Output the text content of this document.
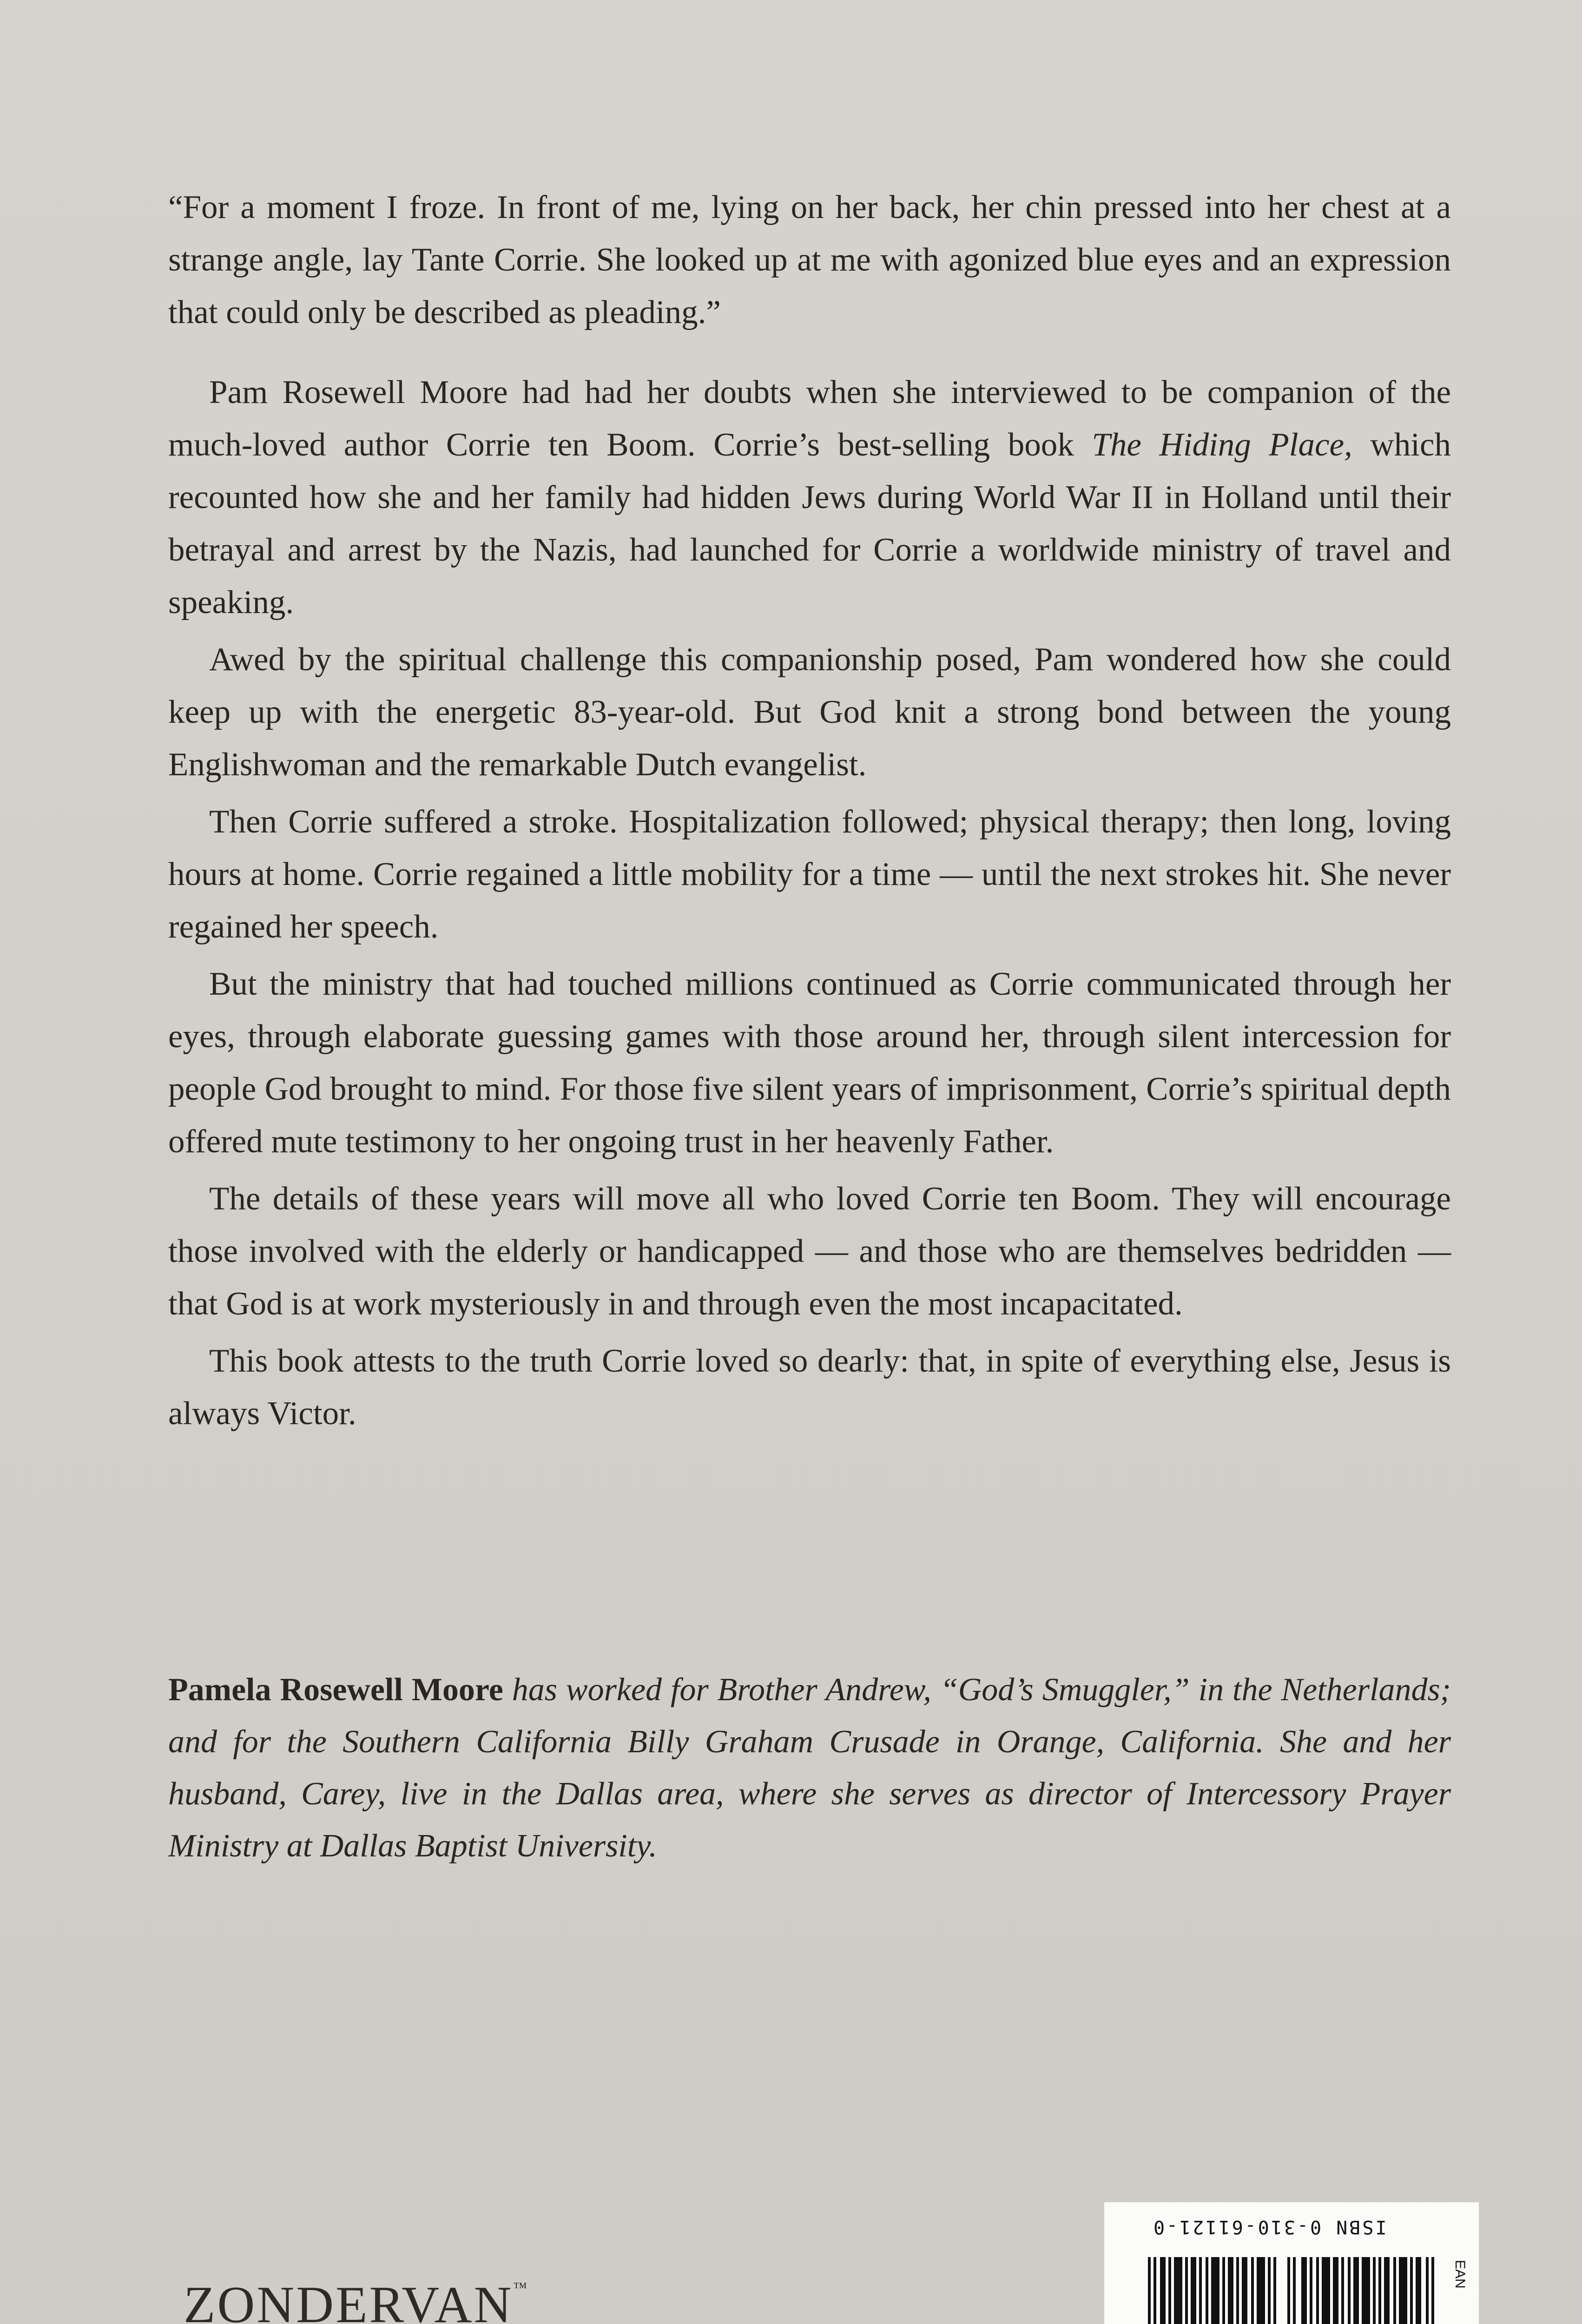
“For a moment I froze. In front of me, lying on her back, her chin pressed into her chest at a strange angle, lay Tante Corrie. She looked up at me with agonized blue eyes and an expression that could only be described as pleading.”

Pam Rosewell Moore had had her doubts when she interviewed to be companion of the much-loved author Corrie ten Boom. Corrie’s best-selling book The Hiding Place, which recounted how she and her family had hidden Jews during World War II in Holland until their betrayal and arrest by the Nazis, had launched for Corrie a worldwide ministry of travel and speaking.

Awed by the spiritual challenge this companionship posed, Pam wondered how she could keep up with the energetic 83-year-old. But God knit a strong bond between the young Englishwoman and the remarkable Dutch evangelist.

Then Corrie suffered a stroke. Hospitalization followed; physical therapy; then long, loving hours at home. Corrie regained a little mobility for a time — until the next strokes hit. She never regained her speech.

But the ministry that had touched millions continued as Corrie communicated through her eyes, through elaborate guessing games with those around her, through silent intercession for people God brought to mind. For those five silent years of imprisonment, Corrie’s spiritual depth offered mute testimony to her ongoing trust in her heavenly Father.

The details of these years will move all who loved Corrie ten Boom. They will encourage those involved with the elderly or handicapped — and those who are themselves bedridden — that God is at work mysteriously in and through even the most incapacitated.

This book attests to the truth Corrie loved so dearly: that, in spite of everything else, Jesus is always Victor.

Pamela Rosewell Moore has worked for Brother Andrew, “God’s Smuggler,” in the Netherlands; and for the Southern California Billy Graham Crusade in Orange, California. She and her husband, Carey, live in the Dallas area, where she serves as director of Intercessory Prayer Ministry at Dallas Baptist University.
ZONDERVAN™
ISBN 0-310-61121-0
EAN
